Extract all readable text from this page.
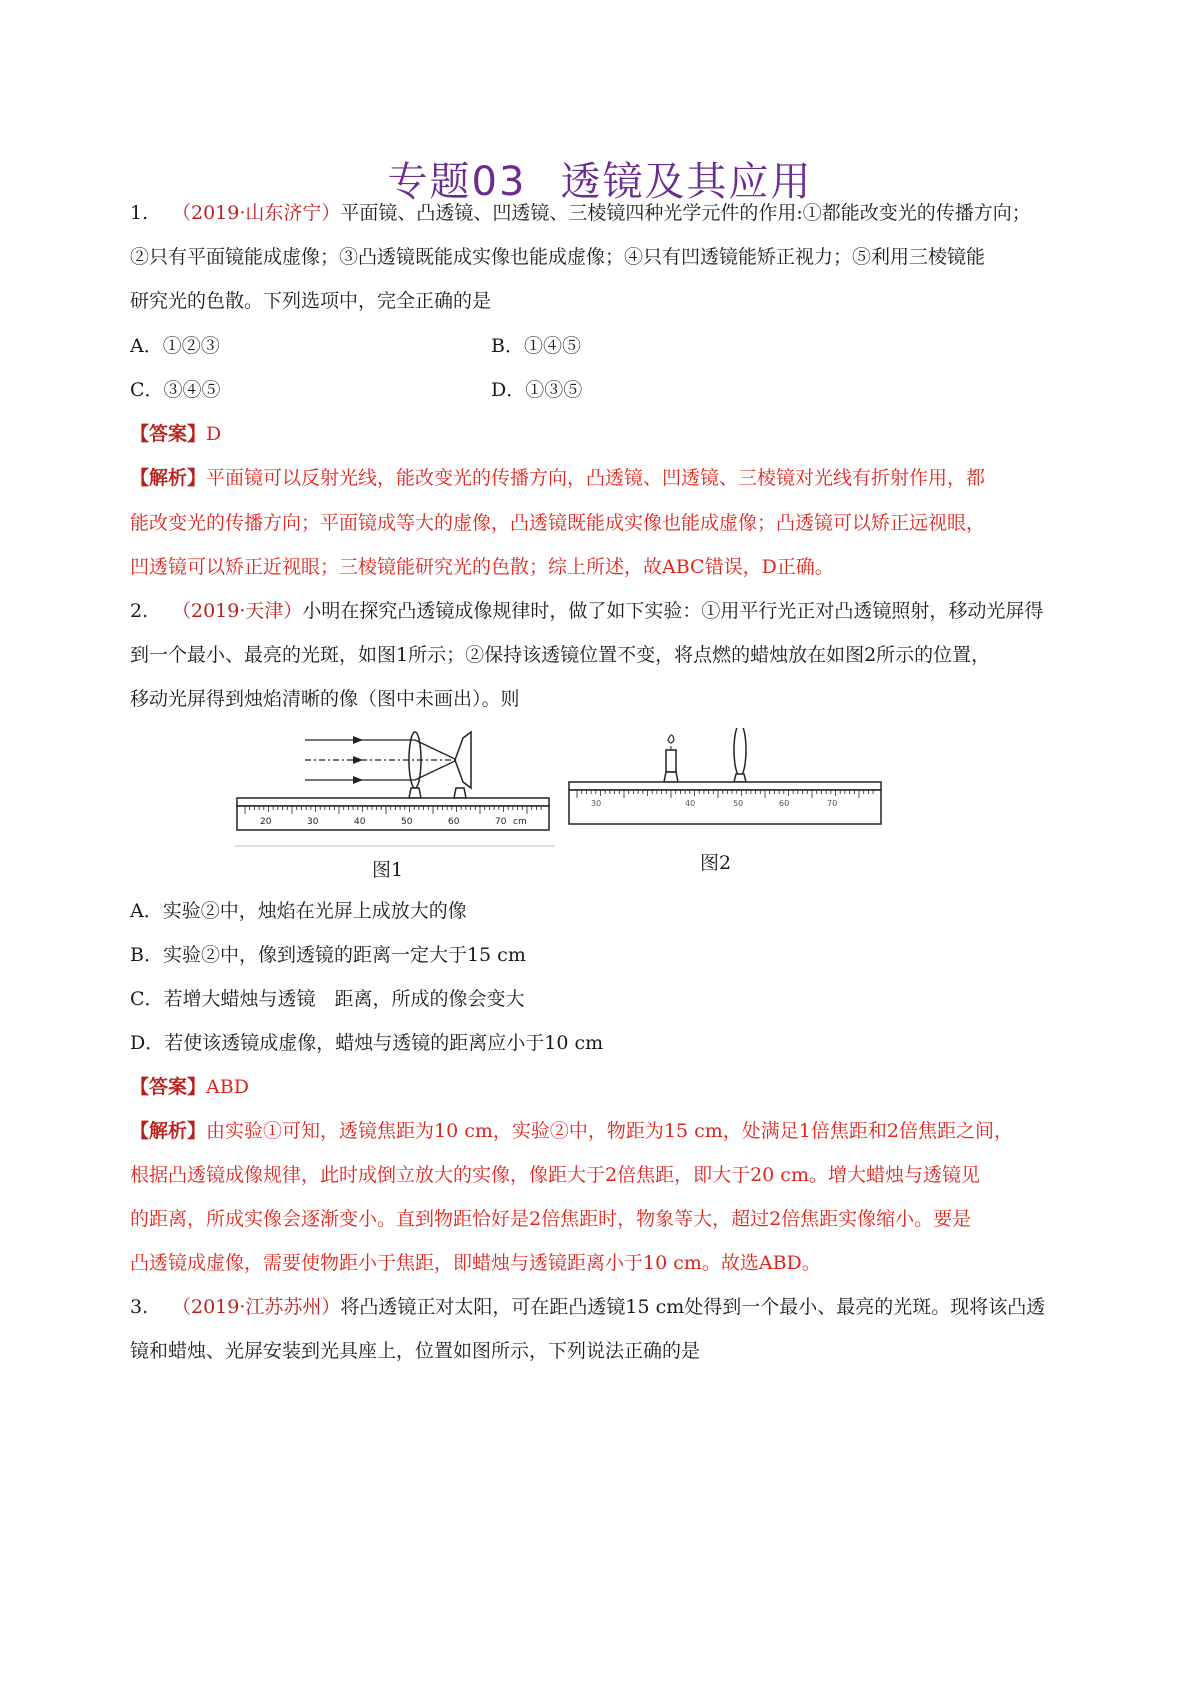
专题03 透镜及其应用
1. （2019·山东济宁）平面镜、凸透镜、凹透镜、三棱镜四种光学元件的作用:①都能改变光的传播方向；
②只有平面镜能成虚像；③凸透镜既能成实像也能成虚像；④只有凹透镜能矫正视力；⑤利用三棱镜能
研究光的色散。下列选项中，完全正确的是
A．①②③	B．①④⑤
C．③④⑤	D．①③⑤
【答案】D
【解析】平面镜可以反射光线，能改变光的传播方向，凸透镜、凹透镜、三棱镜对光线有折射作用，都
能改变光的传播方向；平面镜成等大的虚像，凸透镜既能成实像也能成虚像；凸透镜可以矫正远视眼，
凹透镜可以矫正近视眼；三棱镜能研究光的色散；综上所述，故ABC错误，D正确。
2. （2019·天津）小明在探究凸透镜成像规律时，做了如下实验：①用平行光正对凸透镜照射，移动光屏得
到一个最小、最亮的光斑，如图1所示；②保持该透镜位置不变，将点燃的蜡烛放在如图2所示的位置，
移动光屏得到烛焰清晰的像（图中未画出）。则
20	30	40	50	60	70 cm
图1
30	40	50	60	70
图2
A．实验②中，烛焰在光屏上成放大的像
B．实验②中，像到透镜的距离一定大于15 cm
C．若增大蜡烛与透镜　距离，所成的像会变大
D．若使该透镜成虚像，蜡烛与透镜的距离应小于10 cm
【答案】ABD
【解析】由实验①可知，透镜焦距为10 cm，实验②中，物距为15 cm，处满足1倍焦距和2倍焦距之间，
根据凸透镜成像规律，此时成倒立放大的实像，像距大于2倍焦距，即大于20 cm。增大蜡烛与透镜见
的距离，所成实像会逐渐变小。直到物距恰好是2倍焦距时，物象等大，超过2倍焦距实像缩小。要是
凸透镜成虚像，需要使物距小于焦距，即蜡烛与透镜距离小于10 cm。故选ABD。
3. （2019·江苏苏州）将凸透镜正对太阳，可在距凸透镜15 cm处得到一个最小、最亮的光斑。现将该凸透
镜和蜡烛、光屏安装到光具座上，位置如图所示，下列说法正确的是
